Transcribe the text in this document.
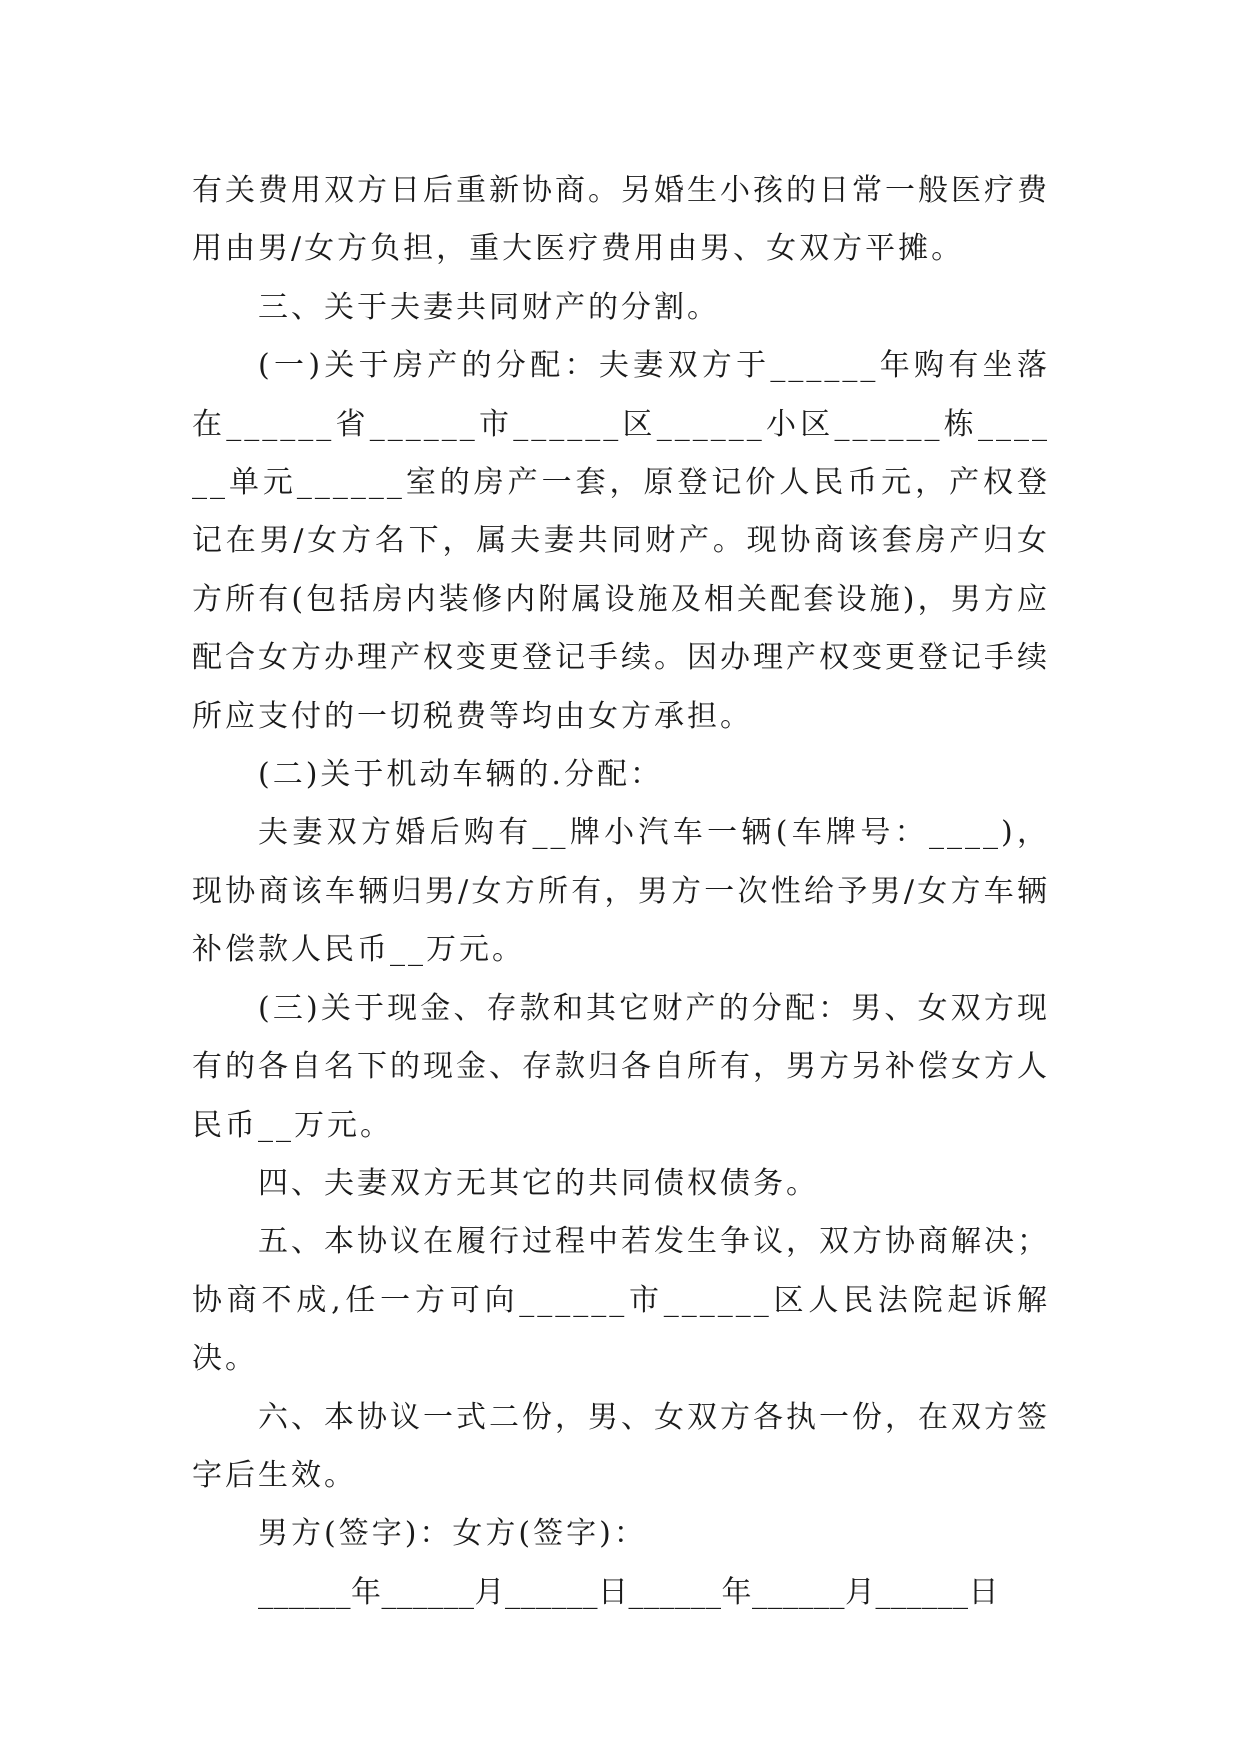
有关费用双方日后重新协商。另婚生小孩的日常一般医疗费用由男/女方负担，重大医疗费用由男、女双方平摊。

三、关于夫妻共同财产的分割。

(一)关于房产的分配：夫妻双方于______年购有坐落在______省______市______区______小区______栋______单元______室的房产一套，原登记价人民币元，产权登记在男/女方名下，属夫妻共同财产。现协商该套房产归女方所有(包括房内装修内附属设施及相关配套设施)，男方应配合女方办理产权变更登记手续。因办理产权变更登记手续所应支付的一切税费等均由女方承担。

(二)关于机动车辆的.分配：

夫妻双方婚后购有__牌小汽车一辆(车牌号：____)，现协商该车辆归男/女方所有，男方一次性给予男/女方车辆补偿款人民币__万元。

(三)关于现金、存款和其它财产的分配：男、女双方现有的各自名下的现金、存款归各自所有，男方另补偿女方人民币__万元。

四、夫妻双方无其它的共同债权债务。

五、本协议在履行过程中若发生争议，双方协商解决；协商不成,任一方可向______市______区人民法院起诉解决。

六、本协议一式二份，男、女双方各执一份，在双方签字后生效。

男方(签字)：女方(签字)：

______年______月______日______年______月______日
